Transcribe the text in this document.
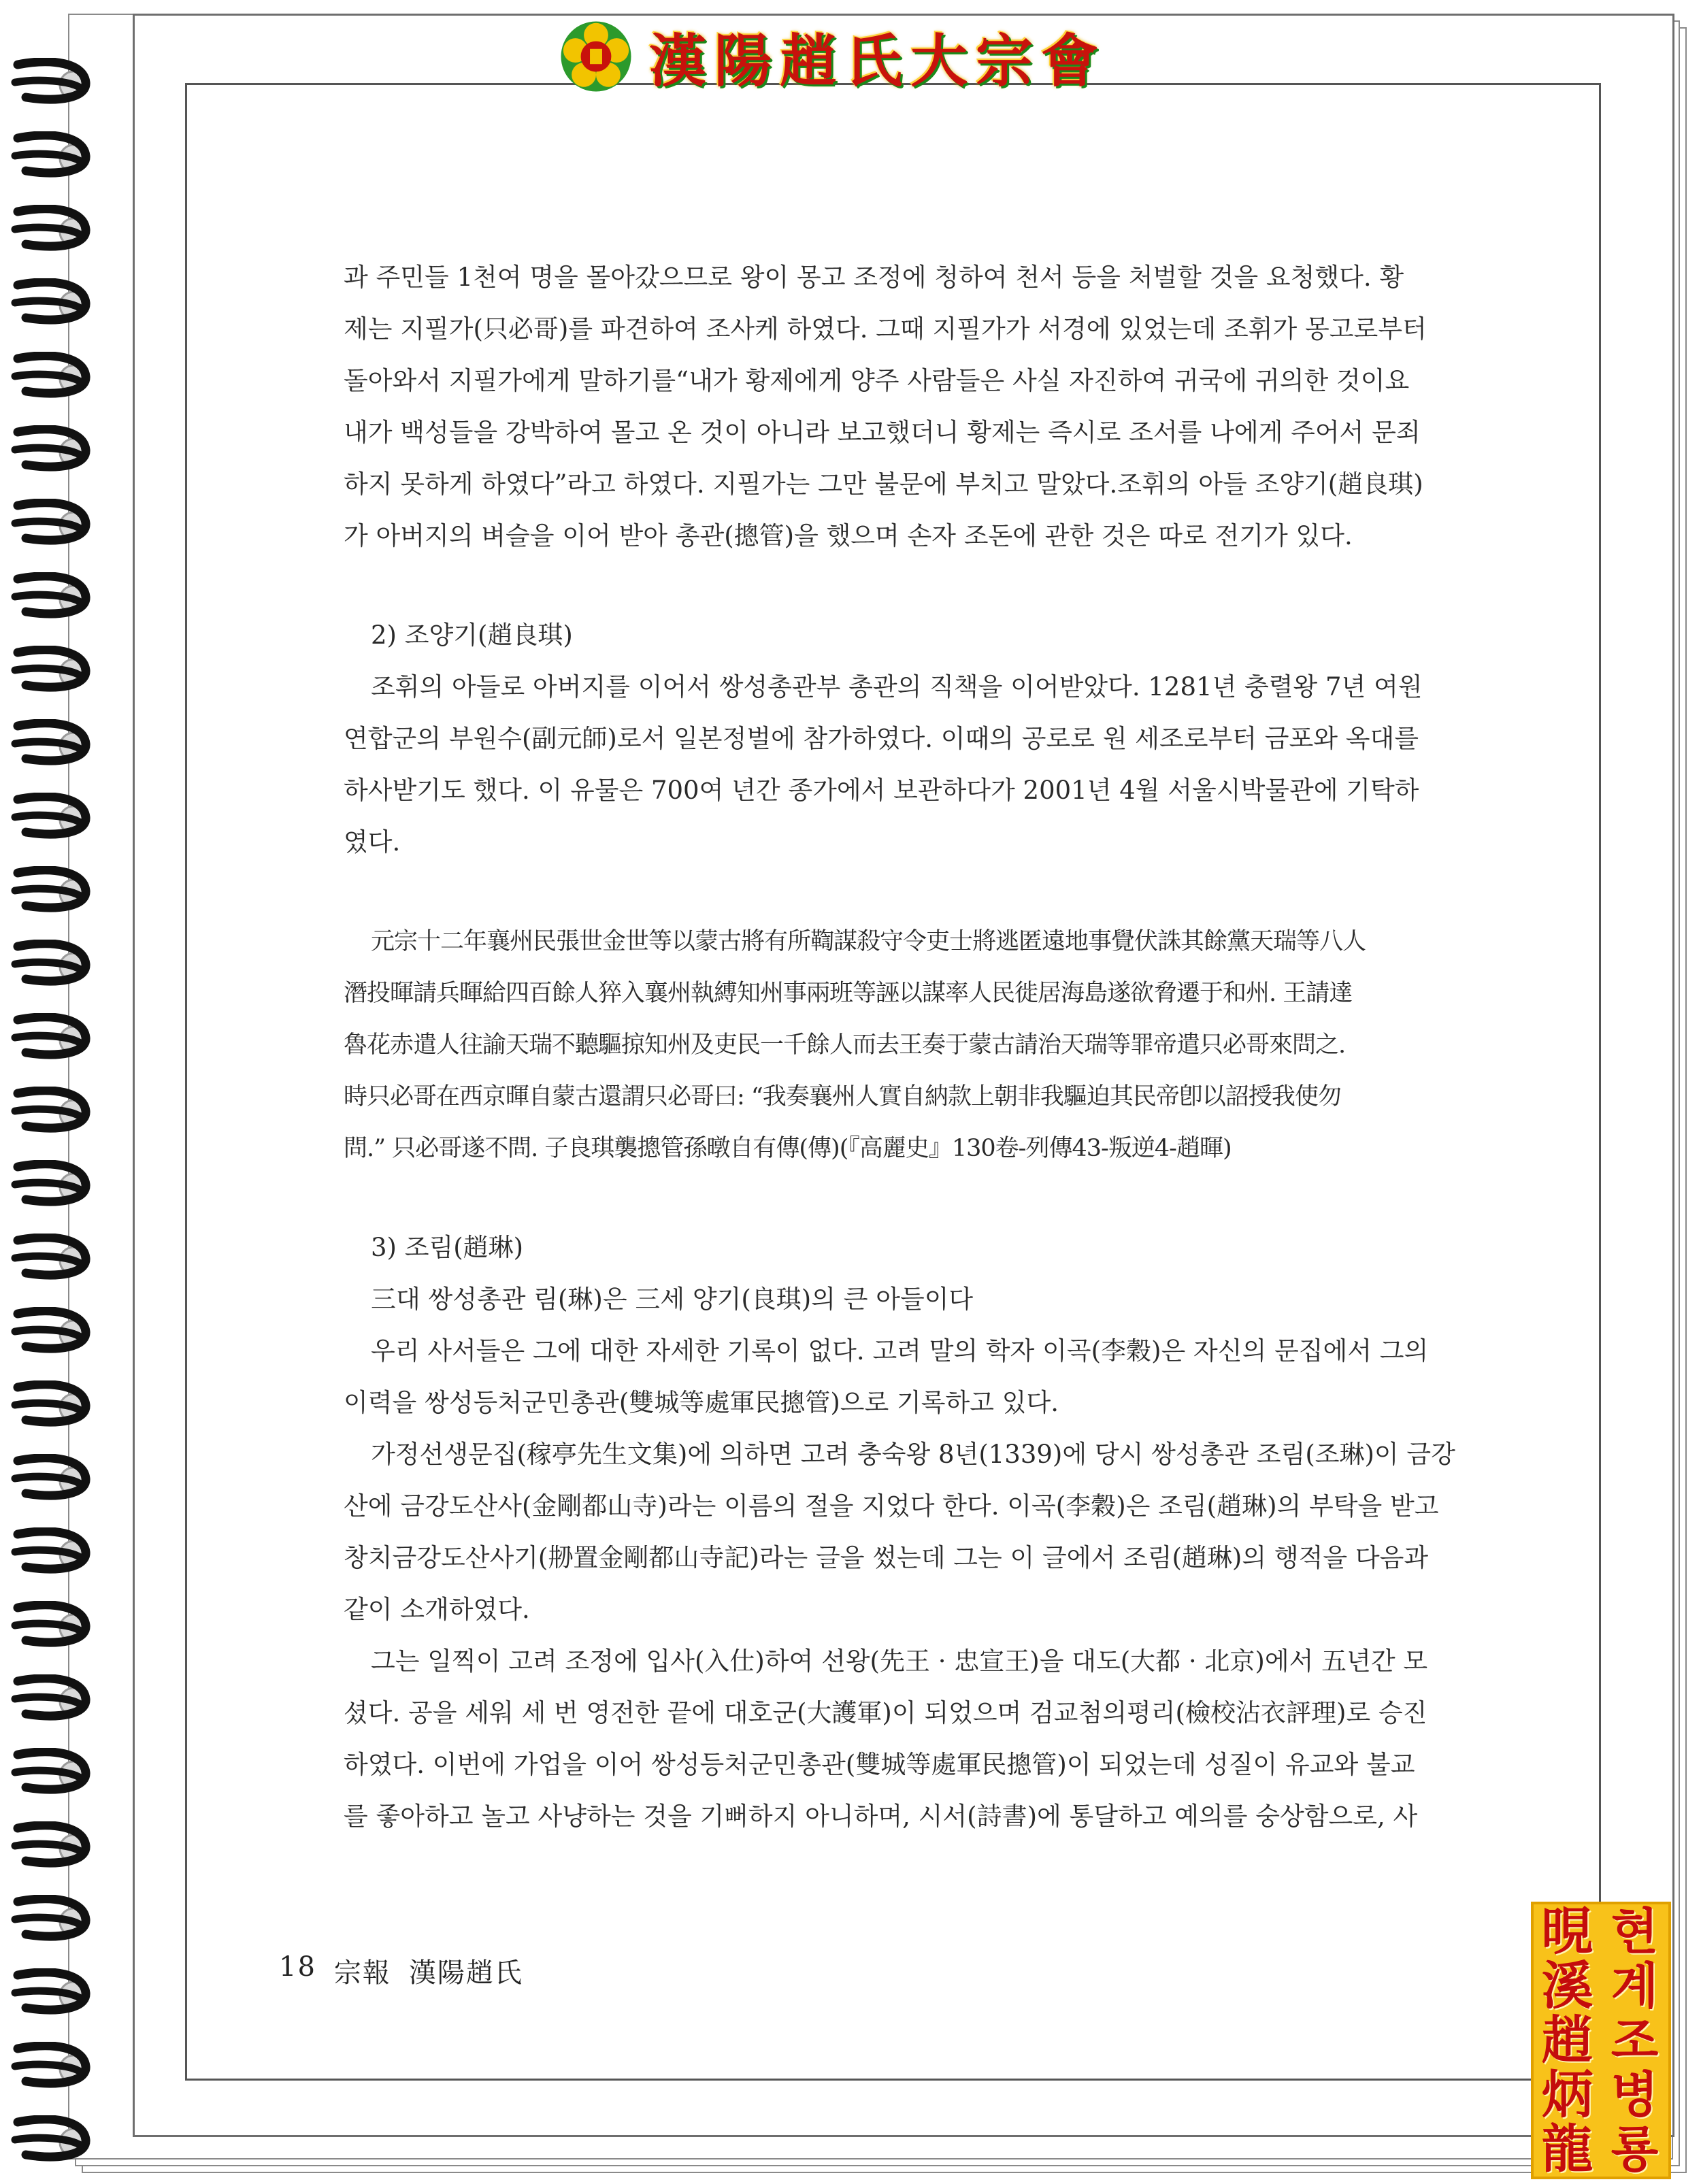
漢陽趙氏大宗會
과 주민들 1천여 명을 몰아갔으므로 왕이 몽고 조정에 청하여 천서 등을 처벌할 것을 요청했다. 황
제는 지필가(只必哥)를 파견하여 조사케 하였다. 그때 지필가가 서경에 있었는데 조휘가 몽고로부터
돌아와서 지필가에게 말하기를“내가 황제에게 양주 사람들은 사실 자진하여 귀국에 귀의한 것이요
내가 백성들을 강박하여 몰고 온 것이 아니라 보고했더니 황제는 즉시로 조서를 나에게 주어서 문죄
하지 못하게 하였다”라고 하였다. 지필가는 그만 불문에 부치고 말았다.조휘의 아들 조양기(趙良琪)
가 아버지의 벼슬을 이어 받아 총관(摠管)을 했으며 손자 조돈에 관한 것은 따로 전기가 있다.
2) 조양기(趙良琪)
조휘의 아들로 아버지를 이어서 쌍성총관부 총관의 직책을 이어받았다. 1281년 충렬왕 7년 여원
연합군의 부원수(副元師)로서 일본정벌에 참가하였다. 이때의 공로로 원 세조로부터 금포와 옥대를
하사받기도 했다. 이 유물은 700여 년간 종가에서 보관하다가 2001년 4월 서울시박물관에 기탁하
였다.
元宗十二年襄州民張世金世等以蒙古將有所鞫謀殺守令吏士將逃匿遠地事覺伏誅其餘黨天瑞等八人
潛投暉請兵暉給四百餘人猝入襄州執縛知州事兩班等誣以謀率人民徙居海島遂欲脅遷于和州. 王請達
魯花赤遣人往諭天瑞不聽驅掠知州及吏民一千餘人而去王奏于蒙古請治天瑞等罪帝遣只必哥來問之.
時只必哥在西京暉自蒙古還謂只必哥曰: “我奏襄州人實自納款上朝非我驅迫其民帝卽以詔授我使勿
問.” 只必哥遂不問. 子良琪襲摠管孫暾自有傳(傳)(『高麗史』130卷-列傳43-叛逆4-趙暉)
3) 조림(趙琳)
三대 쌍성총관 림(琳)은 三세 양기(良琪)의 큰 아들이다
우리 사서들은 그에 대한 자세한 기록이 없다. 고려 말의 학자 이곡(李穀)은 자신의 문집에서 그의
이력을 쌍성등처군민총관(雙城等處軍民摠管)으로 기록하고 있다.
가정선생문집(稼亭先生文集)에 의하면 고려 충숙왕 8년(1339)에 당시 쌍성총관 조림(조琳)이 금강
산에 금강도산사(金剛都山寺)라는 이름의 절을 지었다 한다. 이곡(李穀)은 조림(趙琳)의 부탁을 받고
창치금강도산사기(刱置金剛都山寺記)라는 글을 썼는데 그는 이 글에서 조림(趙琳)의 행적을 다음과
같이 소개하였다.
그는 일찍이 고려 조정에 입사(入仕)하여 선왕(先王 · 忠宣王)을 대도(大都 · 北京)에서 五년간 모
셨다. 공을 세워 세 번 영전한 끝에 대호군(大護軍)이 되었으며 검교첨의평리(檢校沾衣評理)로 승진
하였다. 이번에 가업을 이어 쌍성등처군민총관(雙城等處軍民摠管)이 되었는데 성질이 유교와 불교
를 좋아하고 놀고 사냥하는 것을 기뻐하지 아니하며, 시서(詩書)에 통달하고 예의를 숭상함으로, 사
18 宗報 漢陽趙氏
晛
溪
趙
炳
龍
현
계
조
병
룡
